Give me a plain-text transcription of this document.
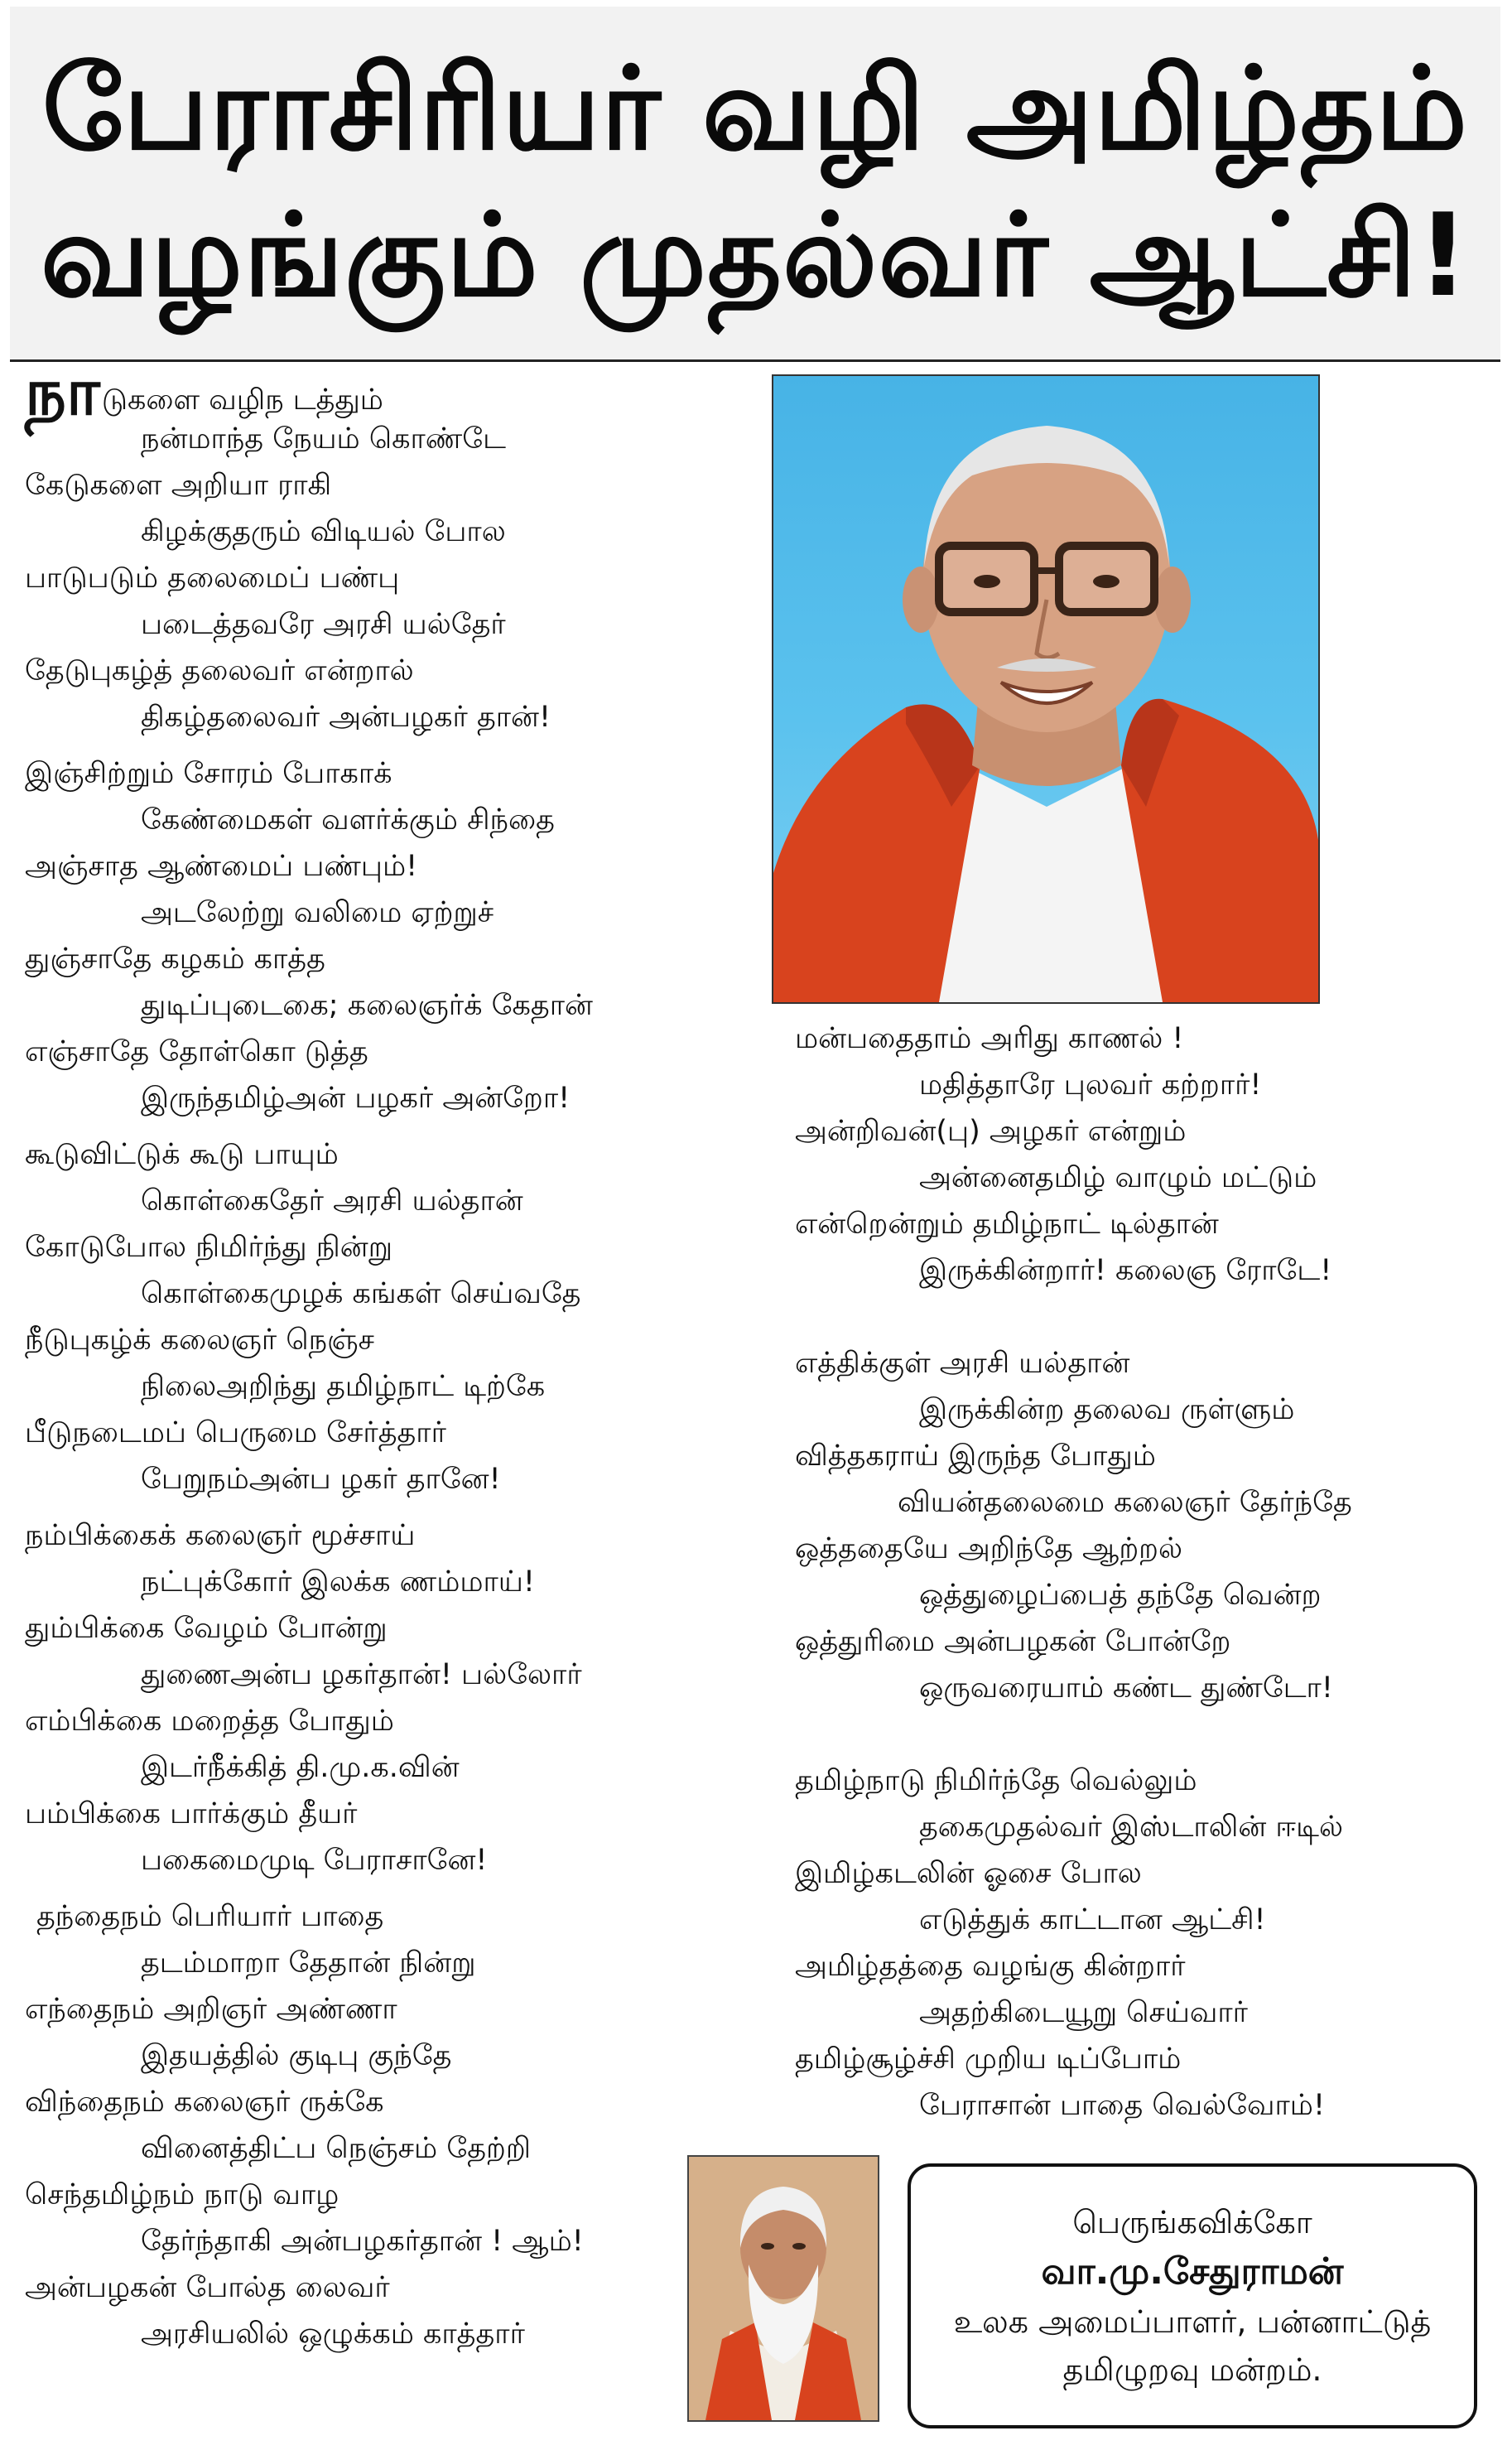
பேராசிரியர் வழி அமிழ்தம்
வழங்கும் முதல்வர் ஆட்சி!
நாடுகளை வழிந டத்தும்
நன்மாந்த நேயம் கொண்டே
கேடுகளை அறியா ராகி
கிழக்குதரும் விடியல் போல
பாடுபடும் தலைமைப் பண்பு
படைத்தவரே அரசி யல்தேர்
தேடுபுகழ்த் தலைவர் என்றால்
திகழ்தலைவர் அன்பழகர் தான்!
இஞ்சிற்றும் சோரம் போகாக்
கேண்மைகள் வளர்க்கும் சிந்தை
அஞ்சாத ஆண்மைப் பண்பும்!
அடலேற்று வலிமை ஏற்றுச்
துஞ்சாதே கழகம் காத்த
துடிப்புடைகை; கலைஞர்க் கேதான்
எஞ்சாதே தோள்கொ டுத்த
இருந்தமிழ்அன் பழகர் அன்றோ!
கூடுவிட்டுக் கூடு பாயும்
கொள்கைதேர் அரசி யல்தான்
கோடுபோல நிமிர்ந்து நின்று
கொள்கைமுழக் கங்கள் செய்வதே
நீடுபுகழ்க் கலைஞர் நெஞ்ச
நிலைஅறிந்து தமிழ்நாட் டிற்கே
பீடுநடைமப் பெருமை சேர்த்தார்
பேறுநம்அன்ப ழகர் தானே!
நம்பிக்கைக் கலைஞர் மூச்சாய்
நட்புக்கோர் இலக்க ணம்மாய்!
தும்பிக்கை வேழம் போன்று
துணைஅன்ப ழகர்தான்! பல்லோர்
எம்பிக்கை மறைத்த போதும்
இடர்நீக்கித் தி.மு.க.வின்
பம்பிக்கை பார்க்கும் தீயர்
பகைமைமுடி பேராசானே!
தந்தைநம் பெரியார் பாதை
தடம்மாறா தேதான் நின்று
எந்தைநம் அறிஞர் அண்ணா
இதயத்தில் குடிபு குந்தே
விந்தைநம் கலைஞர் ருக்கே
வினைத்திட்ப நெஞ்சம் தேற்றி
செந்தமிழ்நம் நாடு வாழ
தேர்ந்தாகி அன்பழகர்தான் ! ஆம்!
அன்பழகன் போல்த லைவர்
அரசியலில் ஒழுக்கம் காத்தார்
மன்பதைதாம் அரிது காணல் !
மதித்தாரே புலவர் கற்றார்!
அன்றிவன்(பு) அழகர் என்றும்
அன்னைதமிழ் வாழும் மட்டும்
என்றென்றும் தமிழ்நாட் டில்தான்
இருக்கின்றார்! கலைஞ ரோடே!
எத்திக்குள் அரசி யல்தான்
இருக்கின்ற தலைவ ருள்ளும்
வித்தகராய் இருந்த போதும்
வியன்தலைமை கலைஞர் தேர்ந்தே
ஒத்ததையே அறிந்தே ஆற்றல்
ஒத்துழைப்பைத் தந்தே வென்ற
ஒத்துரிமை அன்பழகன் போன்றே
ஒருவரையாம் கண்ட துண்டோ!
தமிழ்நாடு நிமிர்ந்தே வெல்லும்
தகைமுதல்வர் இஸ்டாலின் ஈடில்
இமிழ்கடலின் ஓசை போல
எடுத்துக் காட்டான ஆட்சி!
அமிழ்தத்தை வழங்கு கின்றார்
அதற்கிடையூறு செய்வார்
தமிழ்சூழ்ச்சி முறிய டிப்போம்
பேராசான் பாதை வெல்வோம்!
பெருங்கவிக்கோ
வா.மு.சேதுராமன்
உலக அமைப்பாளர், பன்னாட்டுத்
தமிழுறவு மன்றம்.
